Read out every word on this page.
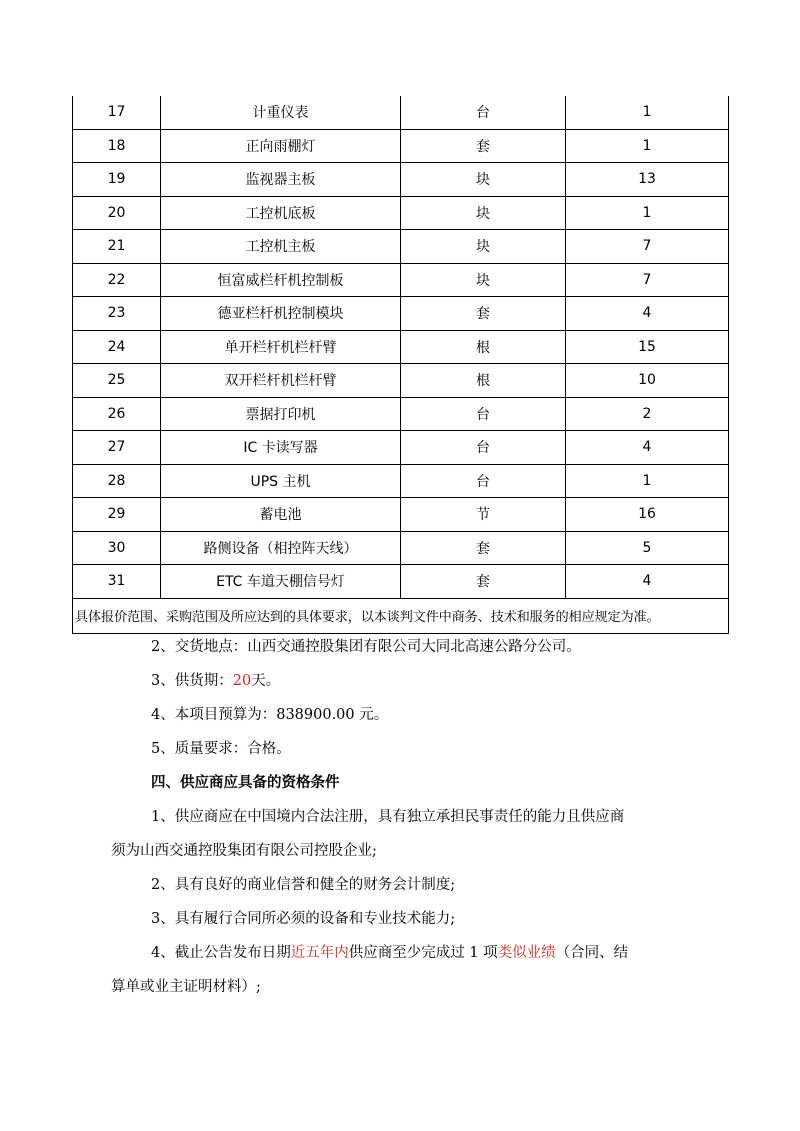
17	计重仪表	台	1
18	正向雨棚灯	套	1
19	监视器主板	块	13
20	工控机底板	块	1
21	工控机主板	块	7
22	恒富威栏杆机控制板	块	7
23	德亚栏杆机控制模块	套	4
24	单开栏杆机栏杆臂	根	15
25	双开栏杆机栏杆臂	根	10
26	票据打印机	台	2
27	IC 卡读写器	台	4
28	UPS 主机	台	1
29	蓄电池	节	16
30	路侧设备（相控阵天线）	套	5
31	ETC 车道天棚信号灯	套	4
具体报价范围、采购范围及所应达到的具体要求，以本谈判文件中商务、技术和服务的相应规定为准。			
2、交货地点：山西交通控股集团有限公司大同北高速公路分公司。
3、供货期：20天。
4、本项目预算为：838900.00 元。
5、质量要求：合格。
四、供应商应具备的资格条件
1、供应商应在中国境内合法注册，具有独立承担民事责任的能力且供应商
须为山西交通控股集团有限公司控股企业;
2、具有良好的商业信誉和健全的财务会计制度;
3、具有履行合同所必须的设备和专业技术能力;
4、截止公告发布日期近五年内供应商至少完成过 1 项类似业绩（合同、结
算单或业主证明材料）;
